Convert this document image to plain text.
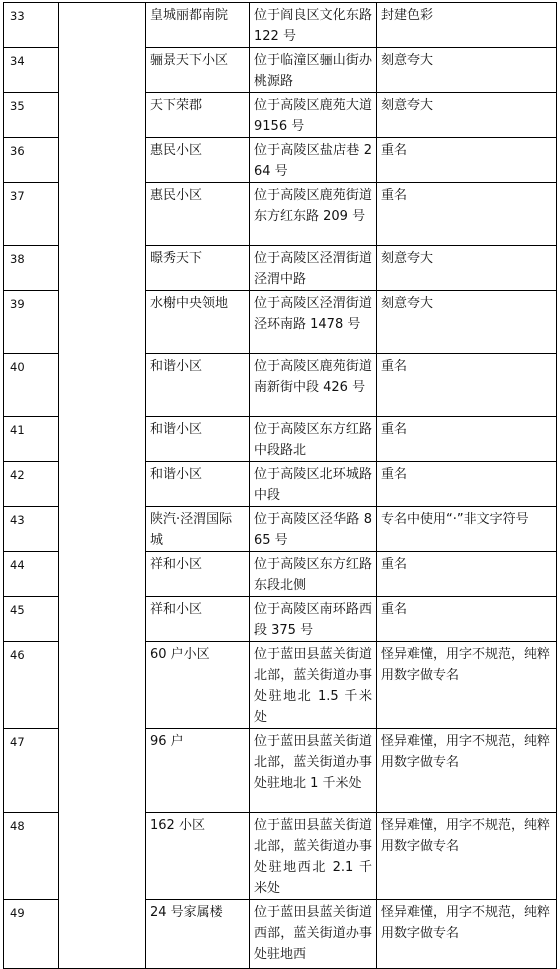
33		皇城丽都南院	位于阎良区文化东路 122 号	封建色彩
34		骊景天下小区	位于临潼区骊山街办桃源路	刻意夸大
35		天下荣郡	位于高陵区鹿苑大道 9156 号	刻意夸大
36		惠民小区	位于高陵区盐店巷 264 号	重名
37		惠民小区	位于高陵区鹿苑街道东方红东路 209 号	重名
38		暻秀天下	位于高陵区泾渭街道泾渭中路	刻意夸大
39		水榭中央领地	位于高陵区泾渭街道泾环南路 1478 号	刻意夸大
40		和谐小区	位于高陵区鹿苑街道南新街中段 426 号	重名
41		和谐小区	位于高陵区东方红路中段路北	重名
42		和谐小区	位于高陵区北环城路中段	重名
43		陕汽·泾渭国际城	位于高陵区泾华路 865 号	专名中使用“·”非文字符号
44		祥和小区	位于高陵区东方红路东段北侧	重名
45		祥和小区	位于高陵区南环路西段 375 号	重名
46		60 户小区	位于蓝田县蓝关街道北部，蓝关街道办事处驻地北 1.5 千米处	怪异难懂，用字不规范，纯粹用数字做专名
47		96 户	位于蓝田县蓝关街道北部，蓝关街道办事处驻地北 1 千米处	怪异难懂，用字不规范，纯粹用数字做专名
48		162 小区	位于蓝田县蓝关街道北部，蓝关街道办事处驻地西北 2.1 千米处	怪异难懂，用字不规范，纯粹用数字做专名
49		24 号家属楼	位于蓝田县蓝关街道西部，蓝关街道办事处驻地西	怪异难懂，用字不规范，纯粹用数字做专名
